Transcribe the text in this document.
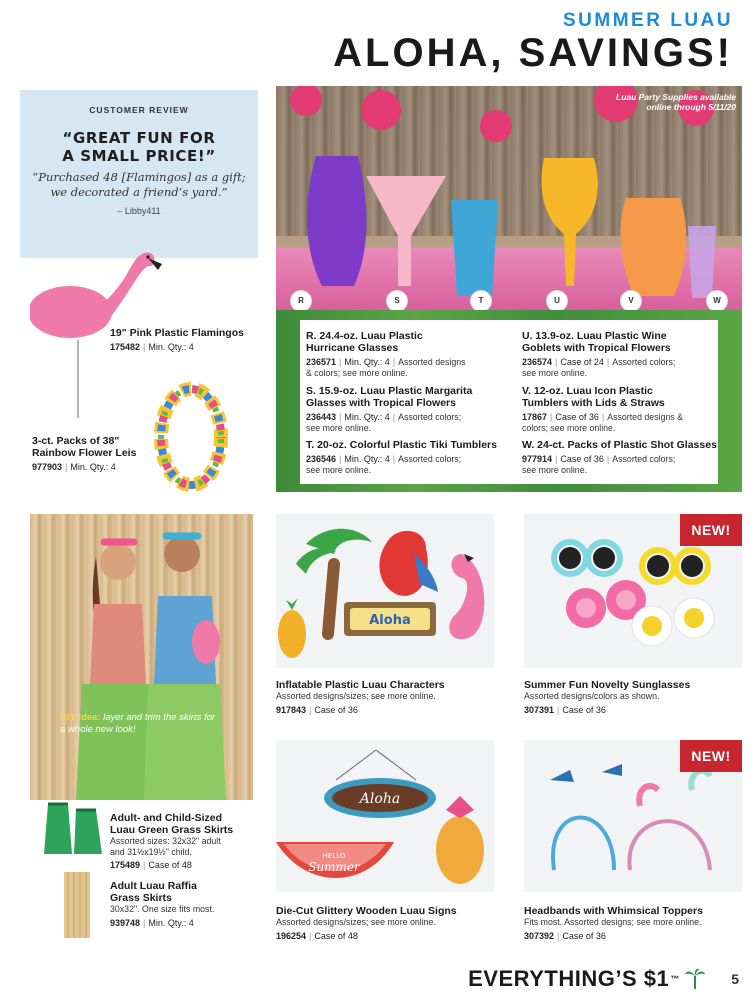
SUMMER LUAU
ALOHA, SAVINGS!
CUSTOMER REVIEW
“GREAT FUN FOR
A SMALL PRICE!”
“Purchased 48 [Flamingos] as a gift; we decorated a friend’s yard.”
– Libby411
19" Pink Plastic Flamingos
175482 | Min. Qty.: 4
3-ct. Packs of 38"
Rainbow Flower Leis
977903 | Min. Qty.: 4
Luau Party Supplies available
online through 5/11/20
R	S	T	U	V	W
R. 24.4-oz. Luau Plastic
Hurricane Glasses
236571 | Min. Qty.: 4 | Assorted designs
& colors; see more online.
S. 15.9-oz. Luau Plastic Margarita
Glasses with Tropical Flowers
236443 | Min. Qty.: 4 | Assorted colors;
see more online.
T. 20-oz. Colorful Plastic Tiki Tumblers
236546 | Min. Qty.: 4 | Assorted colors;
see more online.
U. 13.9-oz. Luau Plastic Wine
Goblets with Tropical Flowers
236574 | Case of 24 | Assorted colors;
see more online.
V. 12-oz. Luau Icon Plastic
Tumblers with Lids & Straws
17867 | Case of 36 | Assorted designs &
colors; see more online.
W. 24-ct. Packs of Plastic Shot Glasses
977914 | Case of 36 | Assorted colors;
see more online.
DIY Idea: layer and trim the skirts for a whole new look!
Adult- and Child-Sized
Luau Green Grass Skirts
Assorted sizes: 32x32" adult
and 31½x19½" child.
175489 | Case of 48
Adult Luau Raffia
Grass Skirts
30x32". One size fits most.
939748 | Min. Qty.: 4
Aloha
Inflatable Plastic Luau Characters
Assorted designs/sizes; see more online.
917843 | Case of 36
NEW!
Summer Fun Novelty Sunglasses
Assorted designs/colors as shown.
307391 | Case of 36
Aloha
HELLO
Summer
Die-Cut Glittery Wooden Luau Signs
Assorted designs/sizes; see more online.
196254 | Case of 48
NEW!
Headbands with Whimsical Toppers
Fits most. Assorted designs; see more online.
307392 | Case of 36
EVERYTHING’S $1 ™	5
